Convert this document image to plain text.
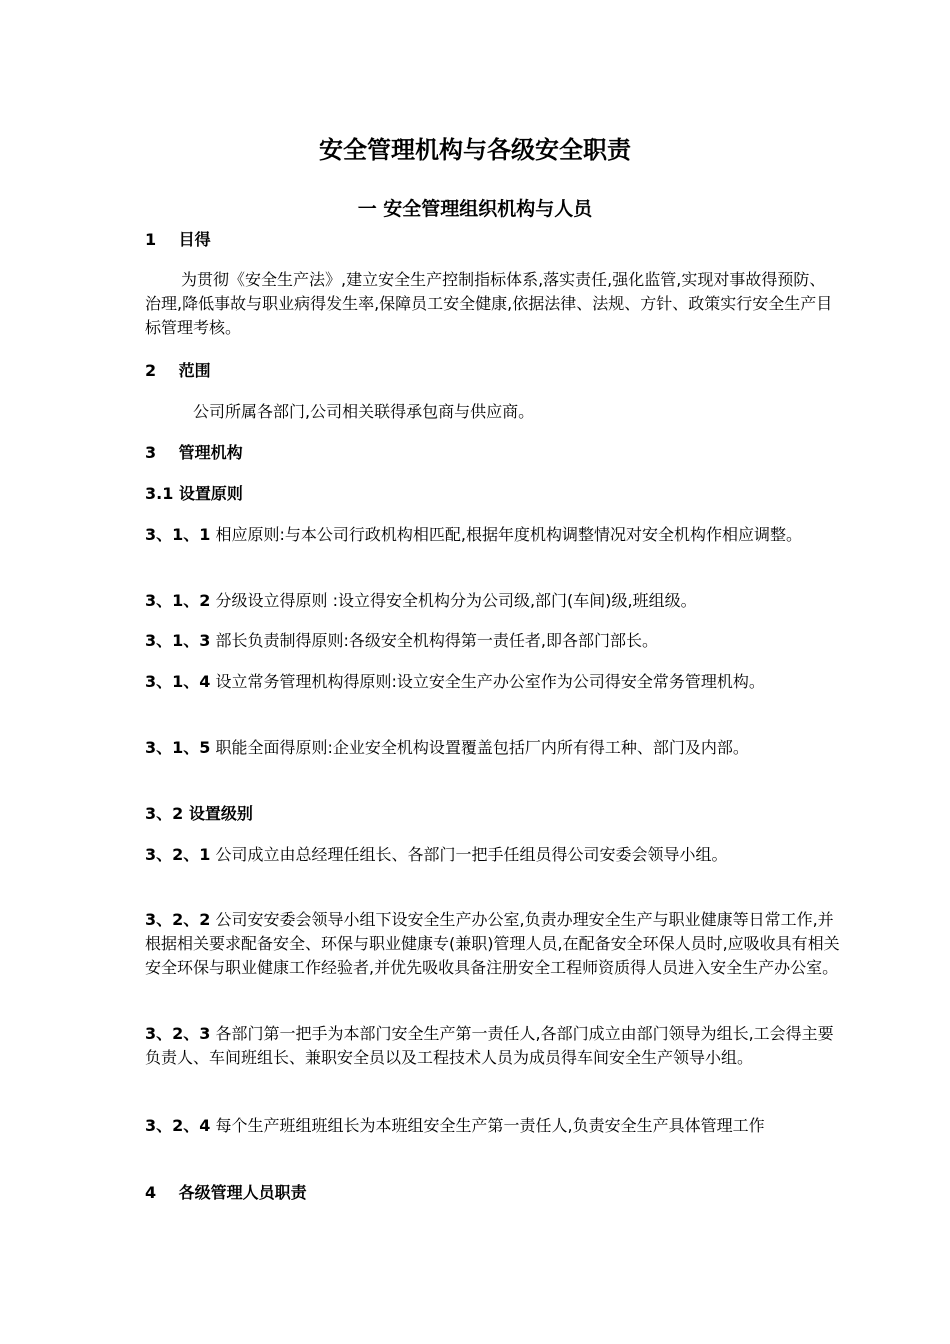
安全管理机构与各级安全职责
一 安全管理组织机构与人员
1 目得
为贯彻《安全生产法》,建立安全生产控制指标体系,落实责任,强化监管,实现对事故得预防、治理,降低事故与职业病得发生率,保障员工安全健康,依据法律、法规、方针、政策实行安全生产目标管理考核。
2 范围
公司所属各部门,公司相关联得承包商与供应商。
3 管理机构
3.1 设置原则
3、1、1 相应原则:与本公司行政机构相匹配,根据年度机构调整情况对安全机构作相应调整。
3、1、2 分级设立得原则 :设立得安全机构分为公司级,部门(车间)级,班组级。
3、1、3 部长负责制得原则:各级安全机构得第一责任者,即各部门部长。
3、1、4 设立常务管理机构得原则:设立安全生产办公室作为公司得安全常务管理机构。
3、1、5 职能全面得原则:企业安全机构设置覆盖包括厂内所有得工种、部门及内部。
3、2 设置级别
3、2、1 公司成立由总经理任组长、各部门一把手任组员得公司安委会领导小组。
3、2、2 公司安安委会领导小组下设安全生产办公室,负责办理安全生产与职业健康等日常工作,并根据相关要求配备安全、环保与职业健康专(兼职)管理人员,在配备安全环保人员时,应吸收具有相关安全环保与职业健康工作经验者,并优先吸收具备注册安全工程师资质得人员进入安全生产办公室。
3、2、3 各部门第一把手为本部门安全生产第一责任人,各部门成立由部门领导为组长,工会得主要负责人、车间班组长、兼职安全员以及工程技术人员为成员得车间安全生产领导小组。
3、2、4 每个生产班组班组长为本班组安全生产第一责任人,负责安全生产具体管理工作
4 各级管理人员职责
